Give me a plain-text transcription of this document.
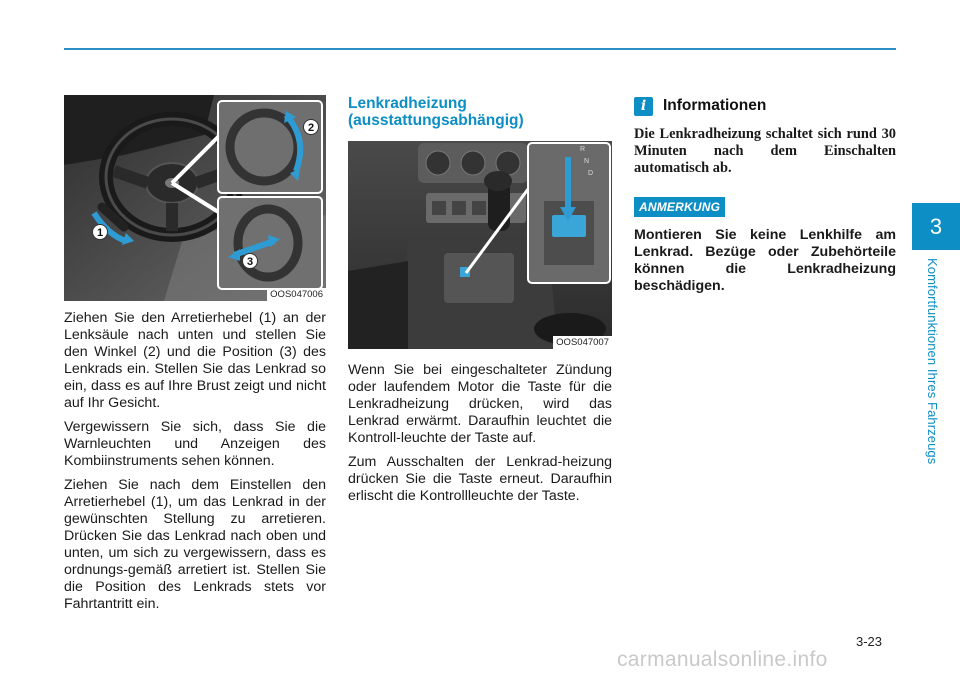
3
Komfortfunktionen Ihres Fahrzeugs
1
2
3
OOS047006

Ziehen Sie den Arretierhebel (1) an der Lenksäule nach unten und stellen Sie den Winkel (2) und die Position (3) des Lenkrads ein. Stellen Sie das Lenkrad so ein, dass es auf Ihre Brust zeigt und nicht auf Ihr Gesicht.

Vergewissern Sie sich, dass Sie die Warnleuchten und Anzeigen des Kombiinstruments sehen können.

Ziehen Sie nach dem Einstellen den Arretierhebel (1), um das Lenkrad in der gewünschten Stellung zu arretieren. Drücken Sie das Lenkrad nach oben und unten, um sich zu vergewissern, dass es ordnungs-gemäß arretiert ist. Stellen Sie die Position des Lenkrads stets vor Fahrtantritt ein.

Lenkradheizung
(ausstattungsabhängig)
R
N
D
OOS047007

Wenn Sie bei eingeschalteter Zündung oder laufendem Motor die Taste für die Lenkradheizung drücken, wird das Lenkrad erwärmt. Daraufhin leuchtet die Kontroll-leuchte der Taste auf.

Zum Ausschalten der Lenkrad-heizung drücken Sie die Taste erneut. Daraufhin erlischt die Kontrollleuchte der Taste.

i	Informationen

Die Lenkradheizung schaltet sich rund 30 Minuten nach dem Einschalten automatisch ab.

ANMERKUNG

Montieren Sie keine Lenkhilfe am Lenkrad. Bezüge oder Zubehörteile können die Lenkradheizung beschädigen.

3-23
carmanualsonline.info
